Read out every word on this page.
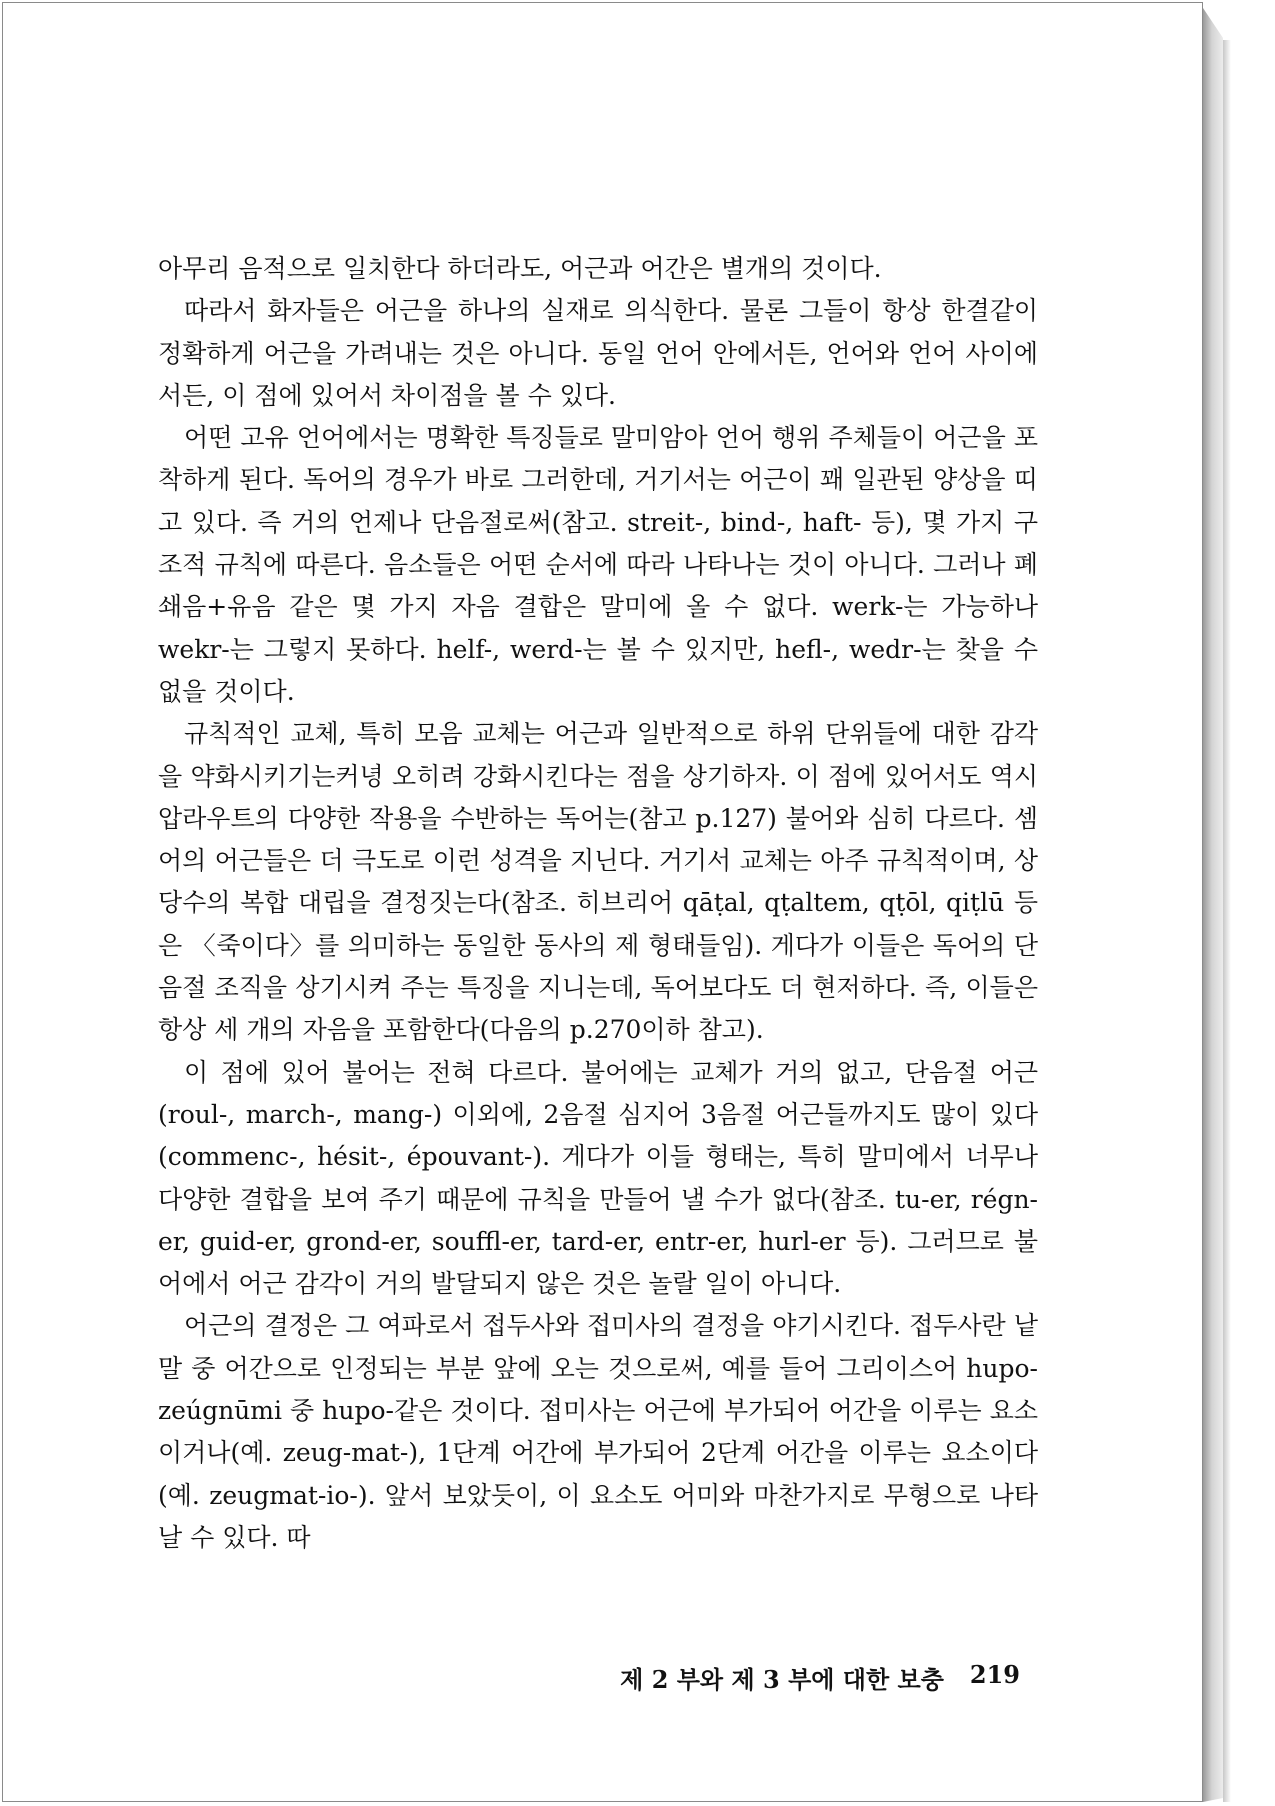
아무리 음적으로 일치한다 하더라도, 어근과 어간은 별개의 것이다.

따라서 화자들은 어근을 하나의 실재로 의식한다. 물론 그들이 항상 한결같이 정확하게 어근을 가려내는 것은 아니다. 동일 언어 안에서든, 언어와 언어 사이에서든, 이 점에 있어서 차이점을 볼 수 있다.

어떤 고유 언어에서는 명확한 특징들로 말미암아 언어 행위 주체들이 어근을 포착하게 된다. 독어의 경우가 바로 그러한데, 거기서는 어근이 꽤 일관된 양상을 띠고 있다. 즉 거의 언제나 단음절로써(참고. streit-, bind-, haft- 등), 몇 가지 구조적 규칙에 따른다. 음소들은 어떤 순서에 따라 나타나는 것이 아니다. 그러나 폐쇄음+유음 같은 몇 가지 자음 결합은 말미에 올 수 없다. werk-는 가능하나 wekr-는 그렇지 못하다. helf-, werd-는 볼 수 있지만, hefl-, wedr-는 찾을 수 없을 것이다.

규칙적인 교체, 특히 모음 교체는 어근과 일반적으로 하위 단위들에 대한 감각을 약화시키기는커녕 오히려 강화시킨다는 점을 상기하자. 이 점에 있어서도 역시 압라우트의 다양한 작용을 수반하는 독어는(참고 p.127) 불어와 심히 다르다. 셈어의 어근들은 더 극도로 이런 성격을 지닌다. 거기서 교체는 아주 규칙적이며, 상당수의 복합 대립을 결정짓는다(참조. 히브리어 qāṭal, qṭaltem, qṭōl, qiṭlū 등은 〈죽이다〉를 의미하는 동일한 동사의 제 형태들임). 게다가 이들은 독어의 단음절 조직을 상기시켜 주는 특징을 지니는데, 독어보다도 더 현저하다. 즉, 이들은 항상 세 개의 자음을 포함한다(다음의 p.270이하 참고).

이 점에 있어 불어는 전혀 다르다. 불어에는 교체가 거의 없고, 단음절 어근(roul-, march-, mang-) 이외에, 2음절 심지어 3음절 어근들까지도 많이 있다(commenc-, hésit-, épouvant-). 게다가 이들 형태는, 특히 말미에서 너무나 다양한 결합을 보여 주기 때문에 규칙을 만들어 낼 수가 없다(참조. tu-er, régn-er, guid-er, grond-er, souffl-er, tard-er, entr-er, hurl-er 등). 그러므로 불어에서 어근 감각이 거의 발달되지 않은 것은 놀랄 일이 아니다.

어근의 결정은 그 여파로서 접두사와 접미사의 결정을 야기시킨다. 접두사란 낱말 중 어간으로 인정되는 부분 앞에 오는 것으로써, 예를 들어 그리이스어 hupo-zeúgnūmi 중 hupo-같은 것이다. 접미사는 어근에 부가되어 어간을 이루는 요소이거나(예. zeug-mat-), 1단계 어간에 부가되어 2단계 어간을 이루는 요소이다(예. zeugmat-io-). 앞서 보았듯이, 이 요소도 어미와 마찬가지로 무형으로 나타날 수 있다. 따

제 2 부와 제 3 부에 대한 보충 219
